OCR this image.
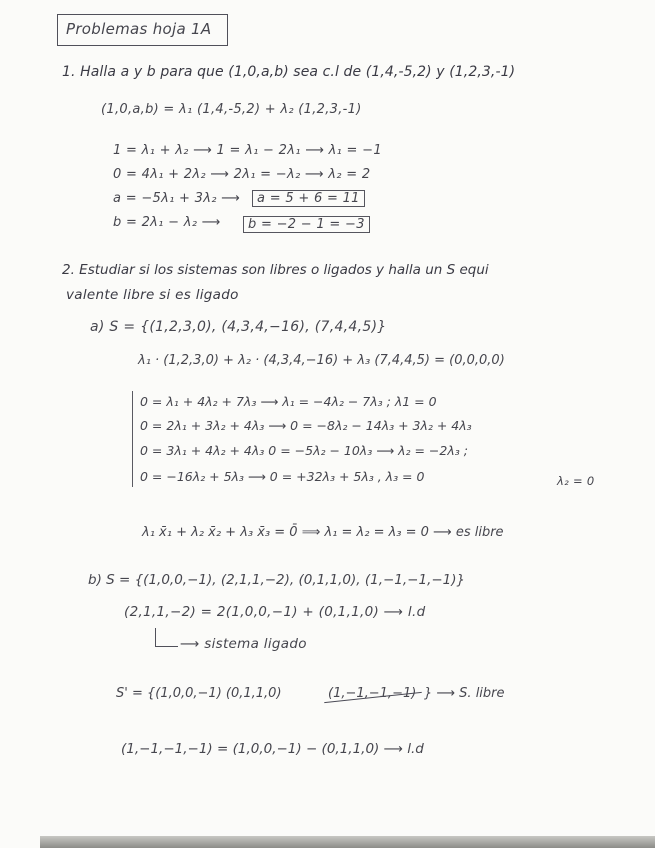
Problemas hoja 1A
1. Halla a y b para que (1,0,a,b) sea c.l de (1,4,-5,2) y (1,2,3,-1)
(1,0,a,b) = λ₁ (1,4,-5,2) + λ₂ (1,2,3,-1)
1 = λ₁ + λ₂ ⟶ 1 = λ₁ − 2λ₁ ⟶ λ₁ = −1
0 = 4λ₁ + 2λ₂ ⟶ 2λ₁ = −λ₂ ⟶ λ₂ = 2
a = −5λ₁ + 3λ₂ ⟶	a = 5 + 6 = 11
b = 2λ₁ − λ₂ ⟶	b = −2 − 1 = −3
2. Estudiar si los sistemas son libres o ligados y halla un S equi
valente libre si es ligado
a) S = {(1,2,3,0), (4,3,4,−16), (7,4,4,5)}
λ₁ · (1,2,3,0) + λ₂ · (4,3,4,−16) + λ₃ (7,4,4,5) = (0,0,0,0)
0 = λ₁ + 4λ₂ + 7λ₃ ⟶ λ₁ = −4λ₂ − 7λ₃ ; λ1 = 0
0 = 2λ₁ + 3λ₂ + 4λ₃ ⟶ 0 = −8λ₂ − 14λ₃ + 3λ₂ + 4λ₃
0 = 3λ₁ + 4λ₂ + 4λ₃ 0 = −5λ₂ − 10λ₃ ⟶ λ₂ = −2λ₃ ;
0 = −16λ₂ + 5λ₃ ⟶ 0 = +32λ₃ + 5λ₃ , λ₃ = 0	λ₂ = 0
λ₁ x̄₁ + λ₂ x̄₂ + λ₃ x̄₃ = 0̄ ⟹ λ₁ = λ₂ = λ₃ = 0 ⟶ es libre
b) S = {(1,0,0,−1), (2,1,1,−2), (0,1,1,0), (1,−1,−1,−1)}
(2,1,1,−2) = 2(1,0,0,−1) + (0,1,1,0) ⟶ l.d
⟶ sistema ligado
S' = {(1,0,0,−1) (0,1,1,0)	(1,−1,−1,−1) } ⟶ S. libre
(1,−1,−1,−1) = (1,0,0,−1) − (0,1,1,0) ⟶ l.d
